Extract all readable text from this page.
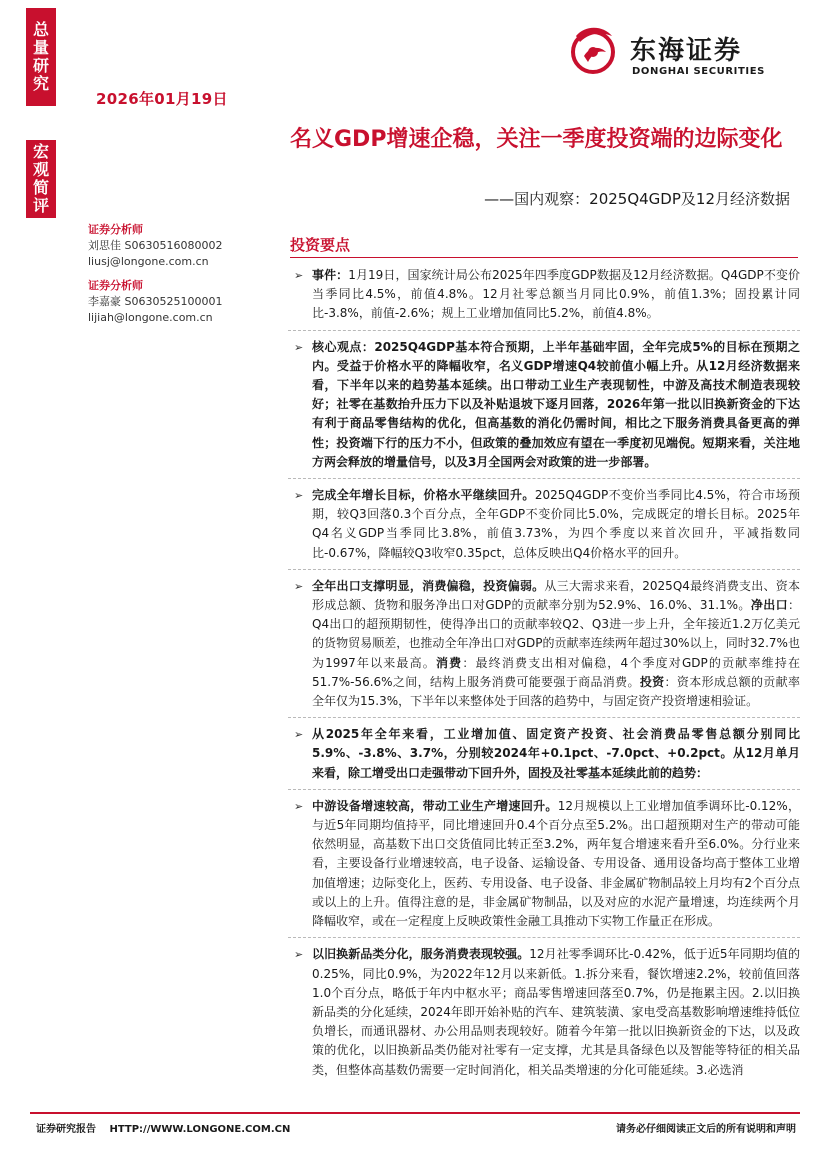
总量研究
宏观简评
2026年01月19日
东海证券
DONGHAI SECURITIES
名义GDP增速企稳，关注一季度投资端的边际变化
——国内观察：2025Q4GDP及12月经济数据
证券分析师
刘思佳 S0630516080002
liusj@longone.com.cn
证券分析师
李嘉豪 S0630525100001
lijiah@longone.com.cn
投资要点
➢ 事件：1月19日，国家统计局公布2025年四季度GDP数据及12月经济数据。Q4GDP不变价当季同比4.5%，前值4.8%。12月社零总额当月同比0.9%，前值1.3%；固投累计同比-3.8%，前值-2.6%；规上工业增加值同比5.2%，前值4.8%。
➢ 核心观点：2025Q4GDP基本符合预期，上半年基础牢固，全年完成5%的目标在预期之内。受益于价格水平的降幅收窄，名义GDP增速Q4较前值小幅上升。从12月经济数据来看，下半年以来的趋势基本延续。出口带动工业生产表现韧性，中游及高技术制造表现较好；社零在基数抬升压力下以及补贴退坡下逐月回落，2026年第一批以旧换新资金的下达有利于商品零售结构的优化，但高基数的消化仍需时间，相比之下服务消费具备更高的弹性；投资端下行的压力不小，但政策的叠加效应有望在一季度初见端倪。短期来看，关注地方两会释放的增量信号，以及3月全国两会对政策的进一步部署。
➢ 完成全年增长目标，价格水平继续回升。2025Q4GDP不变价当季同比4.5%，符合市场预期，较Q3回落0.3个百分点，全年GDP不变价同比5.0%，完成既定的增长目标。2025年Q4名义GDP当季同比3.8%，前值3.73%，为四个季度以来首次回升，平减指数同比-0.67%，降幅较Q3收窄0.35pct，总体反映出Q4价格水平的回升。
➢ 全年出口支撑明显，消费偏稳，投资偏弱。从三大需求来看，2025Q4最终消费支出、资本形成总额、货物和服务净出口对GDP的贡献率分别为52.9%、16.0%、31.1%。净出口：Q4出口的超预期韧性，使得净出口的贡献率较Q2、Q3进一步上升，全年接近1.2万亿美元的货物贸易顺差，也推动全年净出口对GDP的贡献率连续两年超过30%以上，同时32.7%也为1997年以来最高。消费：最终消费支出相对偏稳，4个季度对GDP的贡献率维持在51.7%-56.6%之间，结构上服务消费可能要强于商品消费。投资：资本形成总额的贡献率全年仅为15.3%，下半年以来整体处于回落的趋势中，与固定资产投资增速相验证。
➢ 从2025年全年来看，工业增加值、固定资产投资、社会消费品零售总额分别同比5.9%、-3.8%、3.7%，分别较2024年+0.1pct、-7.0pct、+0.2pct。从12月单月来看，除工增受出口走强带动下回升外，固投及社零基本延续此前的趋势：
➢ 中游设备增速较高，带动工业生产增速回升。12月规模以上工业增加值季调环比-0.12%，与近5年同期均值持平，同比增速回升0.4个百分点至5.2%。出口超预期对生产的带动可能依然明显，高基数下出口交货值同比转正至3.2%，两年复合增速来看升至6.0%。分行业来看，主要设备行业增速较高，电子设备、运输设备、专用设备、通用设备均高于整体工业增加值增速；边际变化上，医药、专用设备、电子设备、非金属矿物制品较上月均有2个百分点或以上的上升。值得注意的是，非金属矿物制品，以及对应的水泥产量增速，均连续两个月降幅收窄，或在一定程度上反映政策性金融工具推动下实物工作量正在形成。
➢ 以旧换新品类分化，服务消费表现较强。12月社零季调环比-0.42%，低于近5年同期均值的0.25%，同比0.9%，为2022年12月以来新低。1.拆分来看，餐饮增速2.2%，较前值回落1.0个百分点，略低于年内中枢水平；商品零售增速回落至0.7%，仍是拖累主因。2.以旧换新品类的分化延续，2024年即开始补贴的汽车、建筑装潢、家电受高基数影响增速维持低位负增长，而通讯器材、办公用品则表现较好。随着今年第一批以旧换新资金的下达，以及政策的优化，以旧换新品类仍能对社零有一定支撑，尤其是具备绿色以及智能等特征的相关品类，但整体高基数仍需要一定时间消化，相关品类增速的分化可能延续。3.必选消
证券研究报告 HTTP://WWW.LONGONE.COM.CN	请务必仔细阅读正文后的所有说明和声明
